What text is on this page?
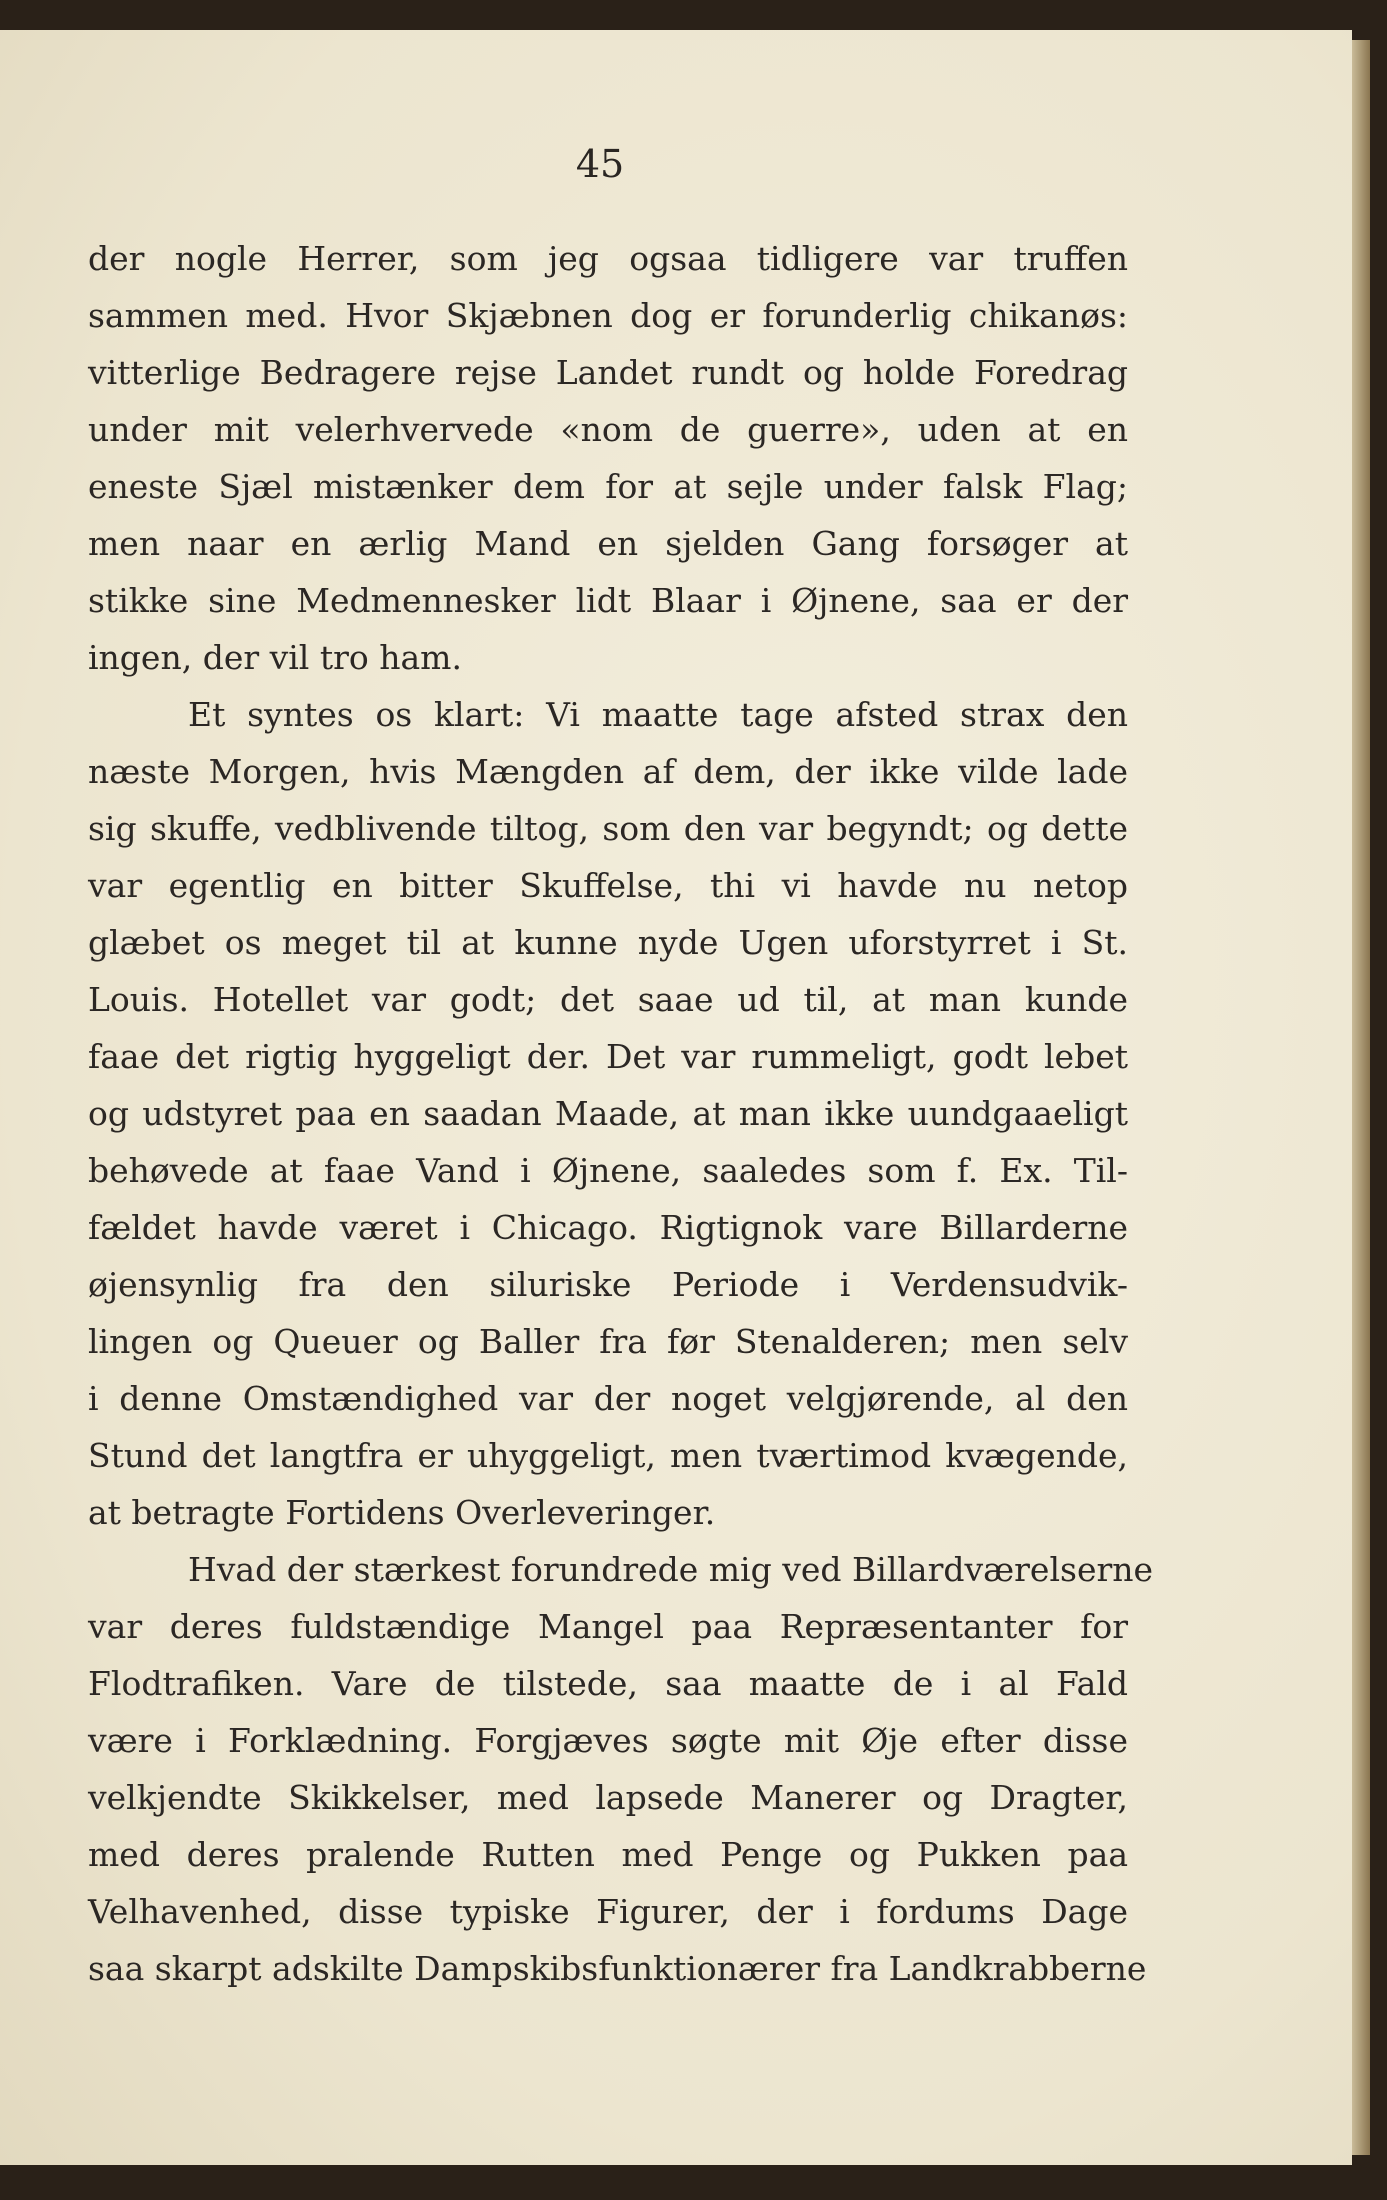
45

der nogle Herrer, som jeg ogsaa tidligere var truffen
sammen med. Hvor Skjæbnen dog er forunderlig chikanøs:
vitterlige Bedragere rejse Landet rundt og holde Foredrag
under mit velerhvervede «nom de guerre», uden at en
eneste Sjæl mistænker dem for at sejle under falsk Flag;
men naar en ærlig Mand en sjelden Gang forsøger at
stikke sine Medmennesker lidt Blaar i Øjnene, saa er der
ingen, der vil tro ham.
Et syntes os klart: Vi maatte tage afsted strax den
næste Morgen, hvis Mængden af dem, der ikke vilde lade
sig skuffe, vedblivende tiltog, som den var begyndt; og dette
var egentlig en bitter Skuffelse, thi vi havde nu netop
glæbet os meget til at kunne nyde Ugen uforstyrret i St.
Louis. Hotellet var godt; det saae ud til, at man kunde
faae det rigtig hyggeligt der. Det var rummeligt, godt lebet
og udstyret paa en saadan Maade, at man ikke uundgaaeligt
behøvede at faae Vand i Øjnene, saaledes som f. Ex. Til-
fældet havde været i Chicago. Rigtignok vare Billarderne
øjensynlig fra den siluriske Periode i Verdensudvik-
lingen og Queuer og Baller fra før Stenalderen; men selv
i denne Omstændighed var der noget velgjørende, al den
Stund det langtfra er uhyggeligt, men tværtimod kvægende,
at betragte Fortidens Overleveringer.
Hvad der stærkest forundrede mig ved Billardværelserne
var deres fuldstændige Mangel paa Repræsentanter for
Flodtrafiken. Vare de tilstede, saa maatte de i al Fald
være i Forklædning. Forgjæves søgte mit Øje efter disse
velkjendte Skikkelser, med lapsede Manerer og Dragter,
med deres pralende Rutten med Penge og Pukken paa
Velhavenhed, disse typiske Figurer, der i fordums Dage
saa skarpt adskilte Dampskibsfunktionærer fra Landkrabberne
